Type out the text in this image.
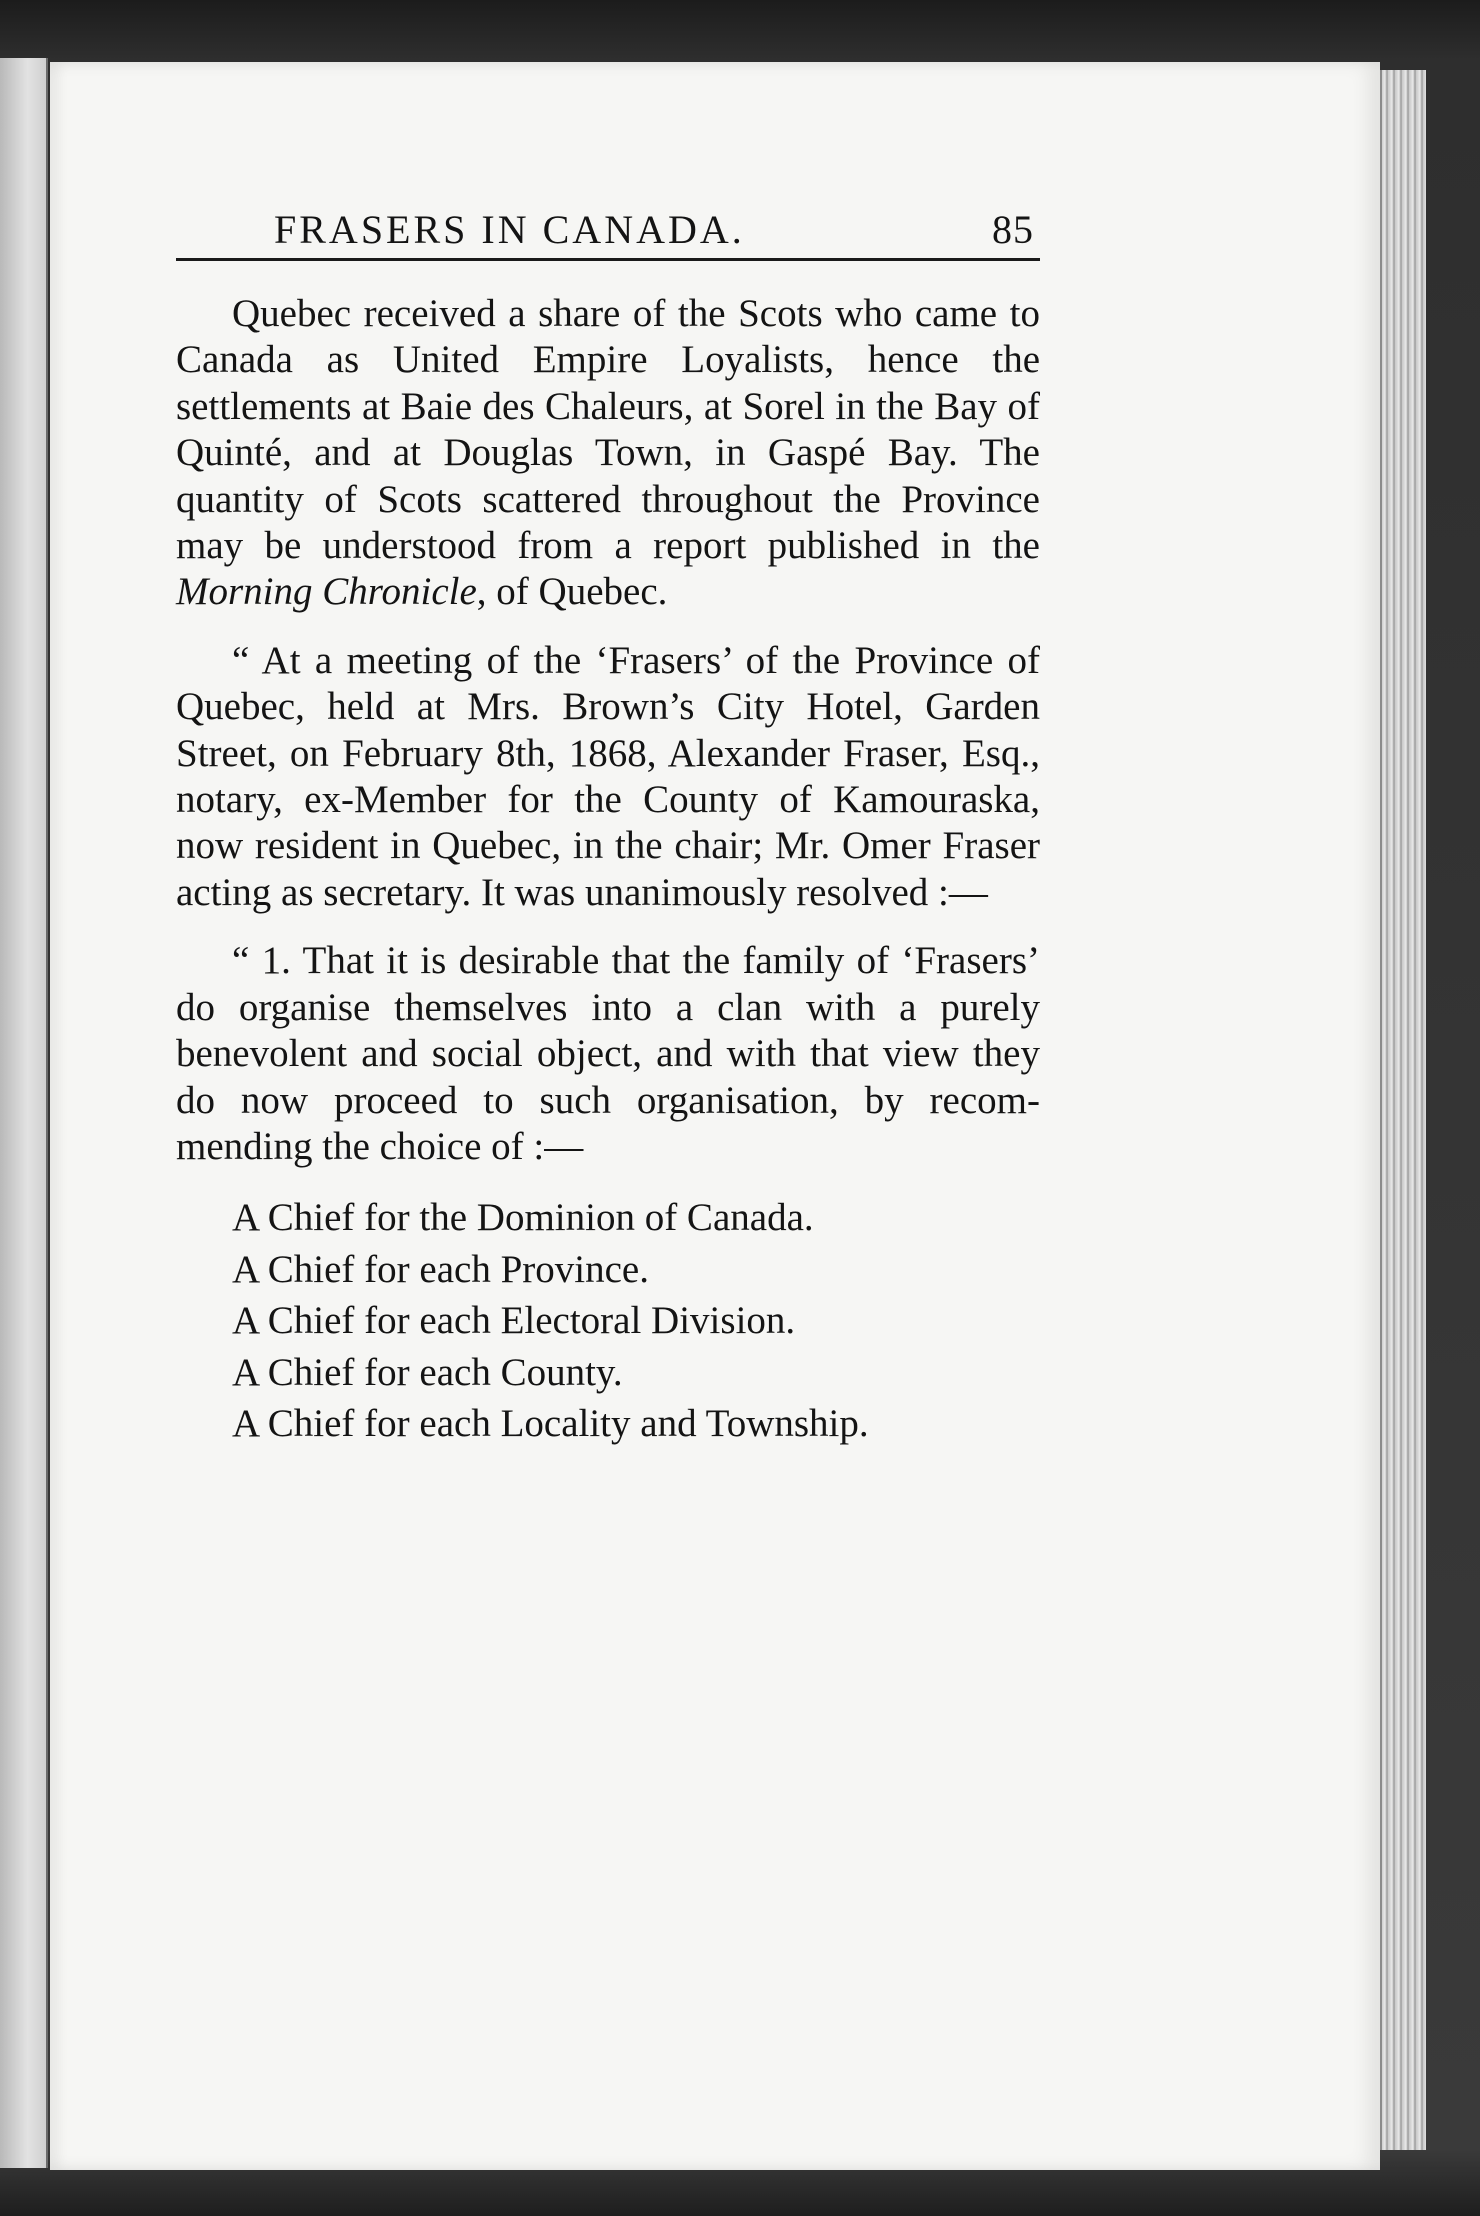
FRASERS IN CANADA.	85

Quebec received a share of the Scots who came to Canada as United Empire Loyalists, hence the settlements at Baie des Chaleurs, at Sorel in the Bay of Quinté, and at Douglas Town, in Gaspé Bay. The quantity of Scots scattered throughout the Province may be understood from a report published in the Morning Chronicle, of Quebec.

“ At a meeting of the ‘Frasers’ of the Province of Quebec, held at Mrs. Brown’s City Hotel, Garden Street, on February 8th, 1868, Alexander Fraser, Esq., notary, ex-Member for the County of Kamouraska, now resident in Quebec, in the chair; Mr. Omer Fraser acting as secretary. It was unanimously resolved :—

“ 1. That it is desirable that the family of ‘Frasers’ do organise themselves into a clan with a purely benevolent and social object, and with that view they do now proceed to such organisation, by recommending the choice of :—

A Chief for the Dominion of Canada.
A Chief for each Province.
A Chief for each Electoral Division.
A Chief for each County.
A Chief for each Locality and Township.
